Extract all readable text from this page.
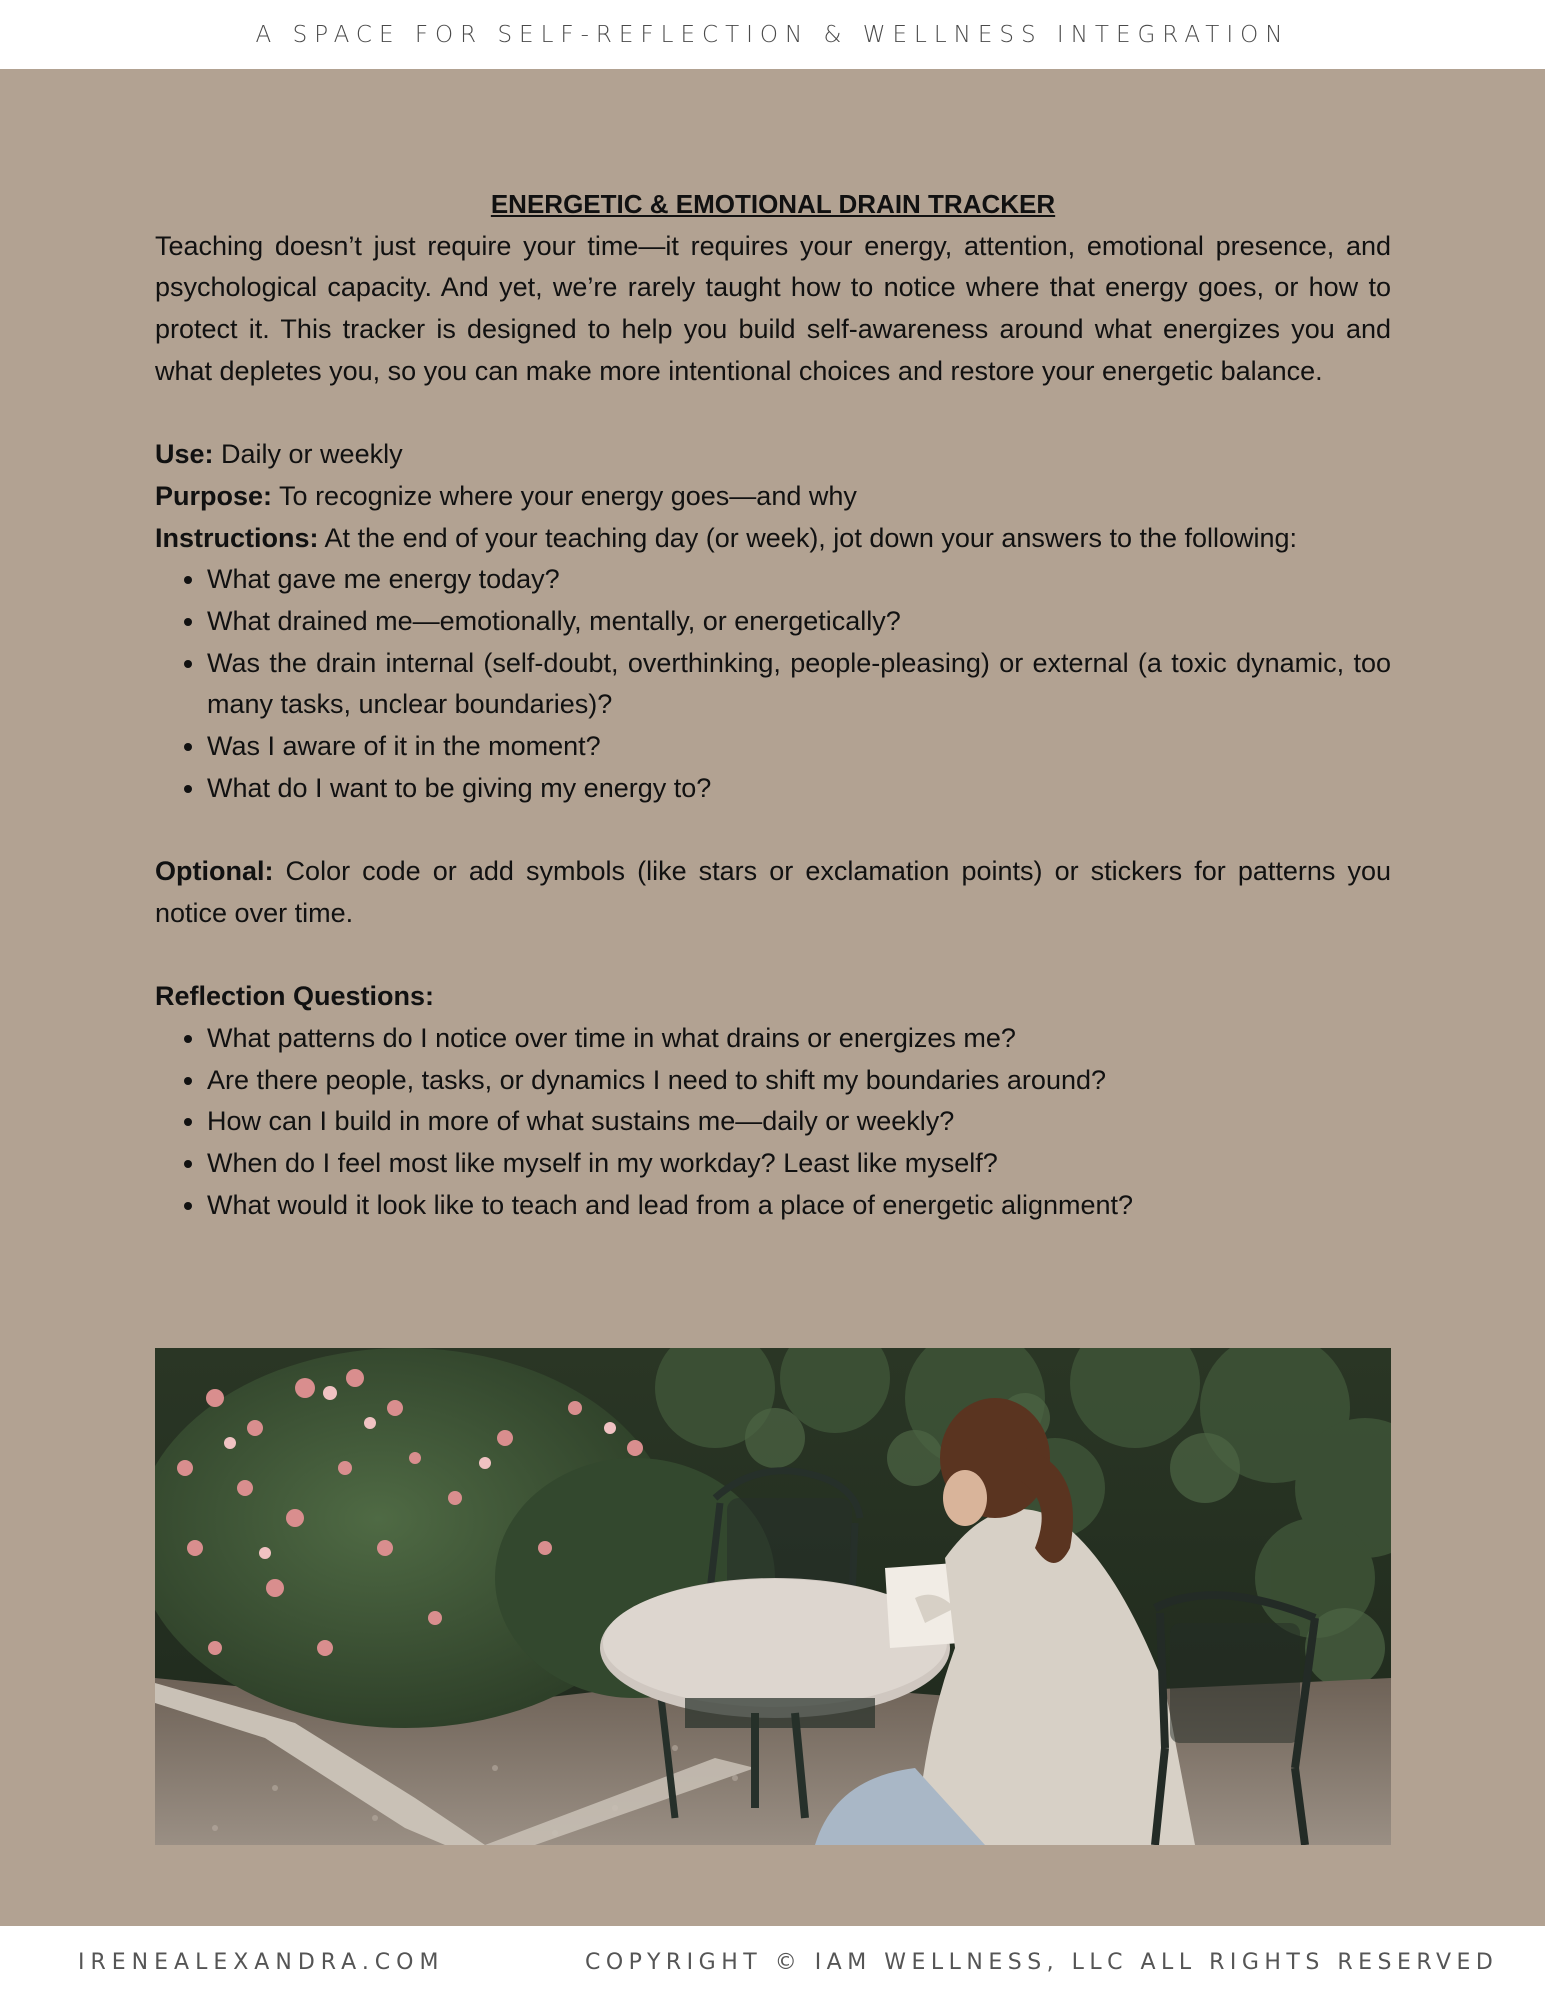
A SPACE FOR SELF-REFLECTION & WELLNESS INTEGRATION

ENERGETIC & EMOTIONAL DRAIN TRACKER

Teaching doesn’t just require your time—it requires your energy, attention, emotional presence, and psychological capacity. And yet, we’re rarely taught how to notice where that energy goes, or how to protect it. This tracker is designed to help you build self-awareness around what energizes you and what depletes you, so you can make more intentional choices and restore your energetic balance.

Use: Daily or weekly

Purpose: To recognize where your energy goes—and why

Instructions: At the end of your teaching day (or week), jot down your answers to the following:

• What gave me energy today?
• What drained me—emotionally, mentally, or energetically?
• Was the drain internal (self-doubt, overthinking, people-pleasing) or external (a toxic dynamic, too many tasks, unclear boundaries)?
• Was I aware of it in the moment?
• What do I want to be giving my energy to?

Optional: Color code or add symbols (like stars or exclamation points) or stickers for patterns you notice over time.

Reflection Questions:

• What patterns do I notice over time in what drains or energizes me?
• Are there people, tasks, or dynamics I need to shift my boundaries around?
• How can I build in more of what sustains me—daily or weekly?
• When do I feel most like myself in my workday? Least like myself?
• What would it look like to teach and lead from a place of energetic alignment?
IRENEALEXANDRA.COM	COPYRIGHT © IAM WELLNESS, LLC ALL RIGHTS RESERVED
